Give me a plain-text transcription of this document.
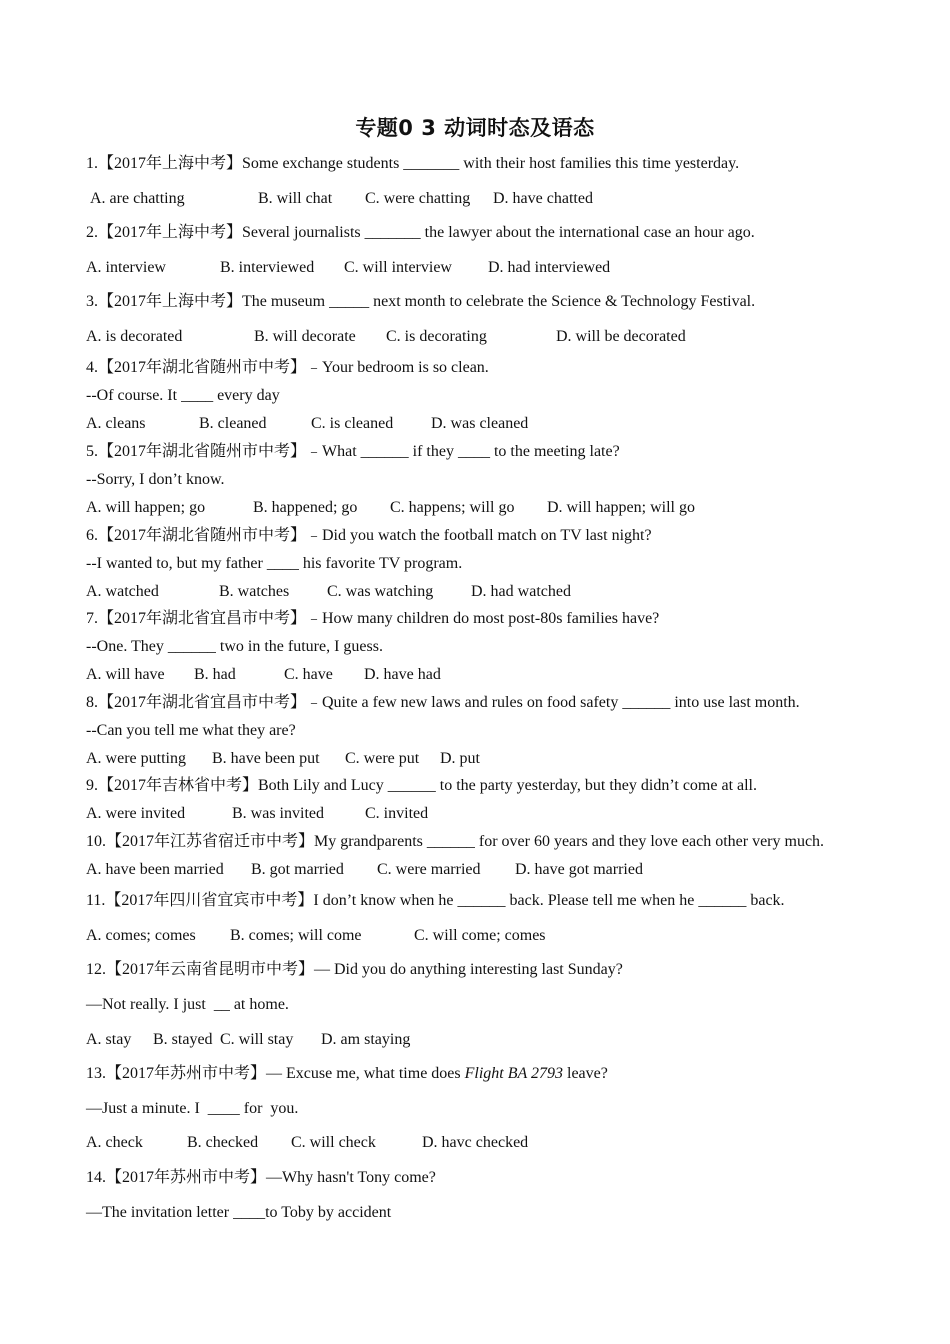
专题0 3 动词时态及语态
1.【2017年上海中考】Some exchange students _______ with their host families this time yesterday.
A. are chatting	B. will chat C. were chatting D. have chatted
2.【2017年上海中考】Several journalists _______ the lawyer about the international case an hour ago.
A. interview	B. interviewed C. will interview D. had interviewed
3.【2017年上海中考】The museum _____ next month to celebrate the Science & Technology Festival.
A. is decorated	B. will decorate C. is decorating	D. will be decorated
4.【2017年湖北省随州市中考】﹣Your bedroom is so clean.
--Of course. It ____ every day
A. cleans	B. cleaned	C. is cleaned D. was cleaned
5.【2017年湖北省随州市中考】﹣What ______ if they ____ to the meeting late?
--Sorry, I don’t know.
A. will happen; go	B. happened; go C. happens; will go D. will happen; will go
6.【2017年湖北省随州市中考】﹣Did you watch the football match on TV last night?
--I wanted to, but my father ____ his favorite TV program.
A. watched	B. watches C. was watching D. had watched
7.【2017年湖北省宜昌市中考】﹣How many children do most post-80s families have?
--One. They ______ two in the future, I guess.
A. will have B. had	C. have D. have had
8.【2017年湖北省宜昌市中考】﹣Quite a few new laws and rules on food safety ______ into use last month.
--Can you tell me what they are?
A. were putting B. have been put C. were put D. put
9.【2017年吉林省中考】Both Lily and Lucy ______ to the party yesterday, but they didn’t come at all.
A. were invited	B. was invited	C. invited
10.【2017年江苏省宿迁市中考】My grandparents ______ for over 60 years and they love each other very much.
A. have been married B. got married C. were married D. have got married
11.【2017年四川省宜宾市中考】I don’t know when he ______ back. Please tell me when he ______ back.
A. comes; comes B. comes; will come	C. will come; comes
12.【2017年云南省昆明市中考】— Did you do anything interesting last Sunday?
—Not really. I just  __ at home.
A. stay B. stayed C. will stay D. am staying
13.【2017年苏州市中考】— Excuse me, what time does Flight BA 2793 leave?
—Just a minute. I  ____ for  you.
A. check	B. checked C. will check	D. havc checked
14.【2017年苏州市中考】—Why hasn't Tony come?
—The invitation letter ____to Toby by accident
